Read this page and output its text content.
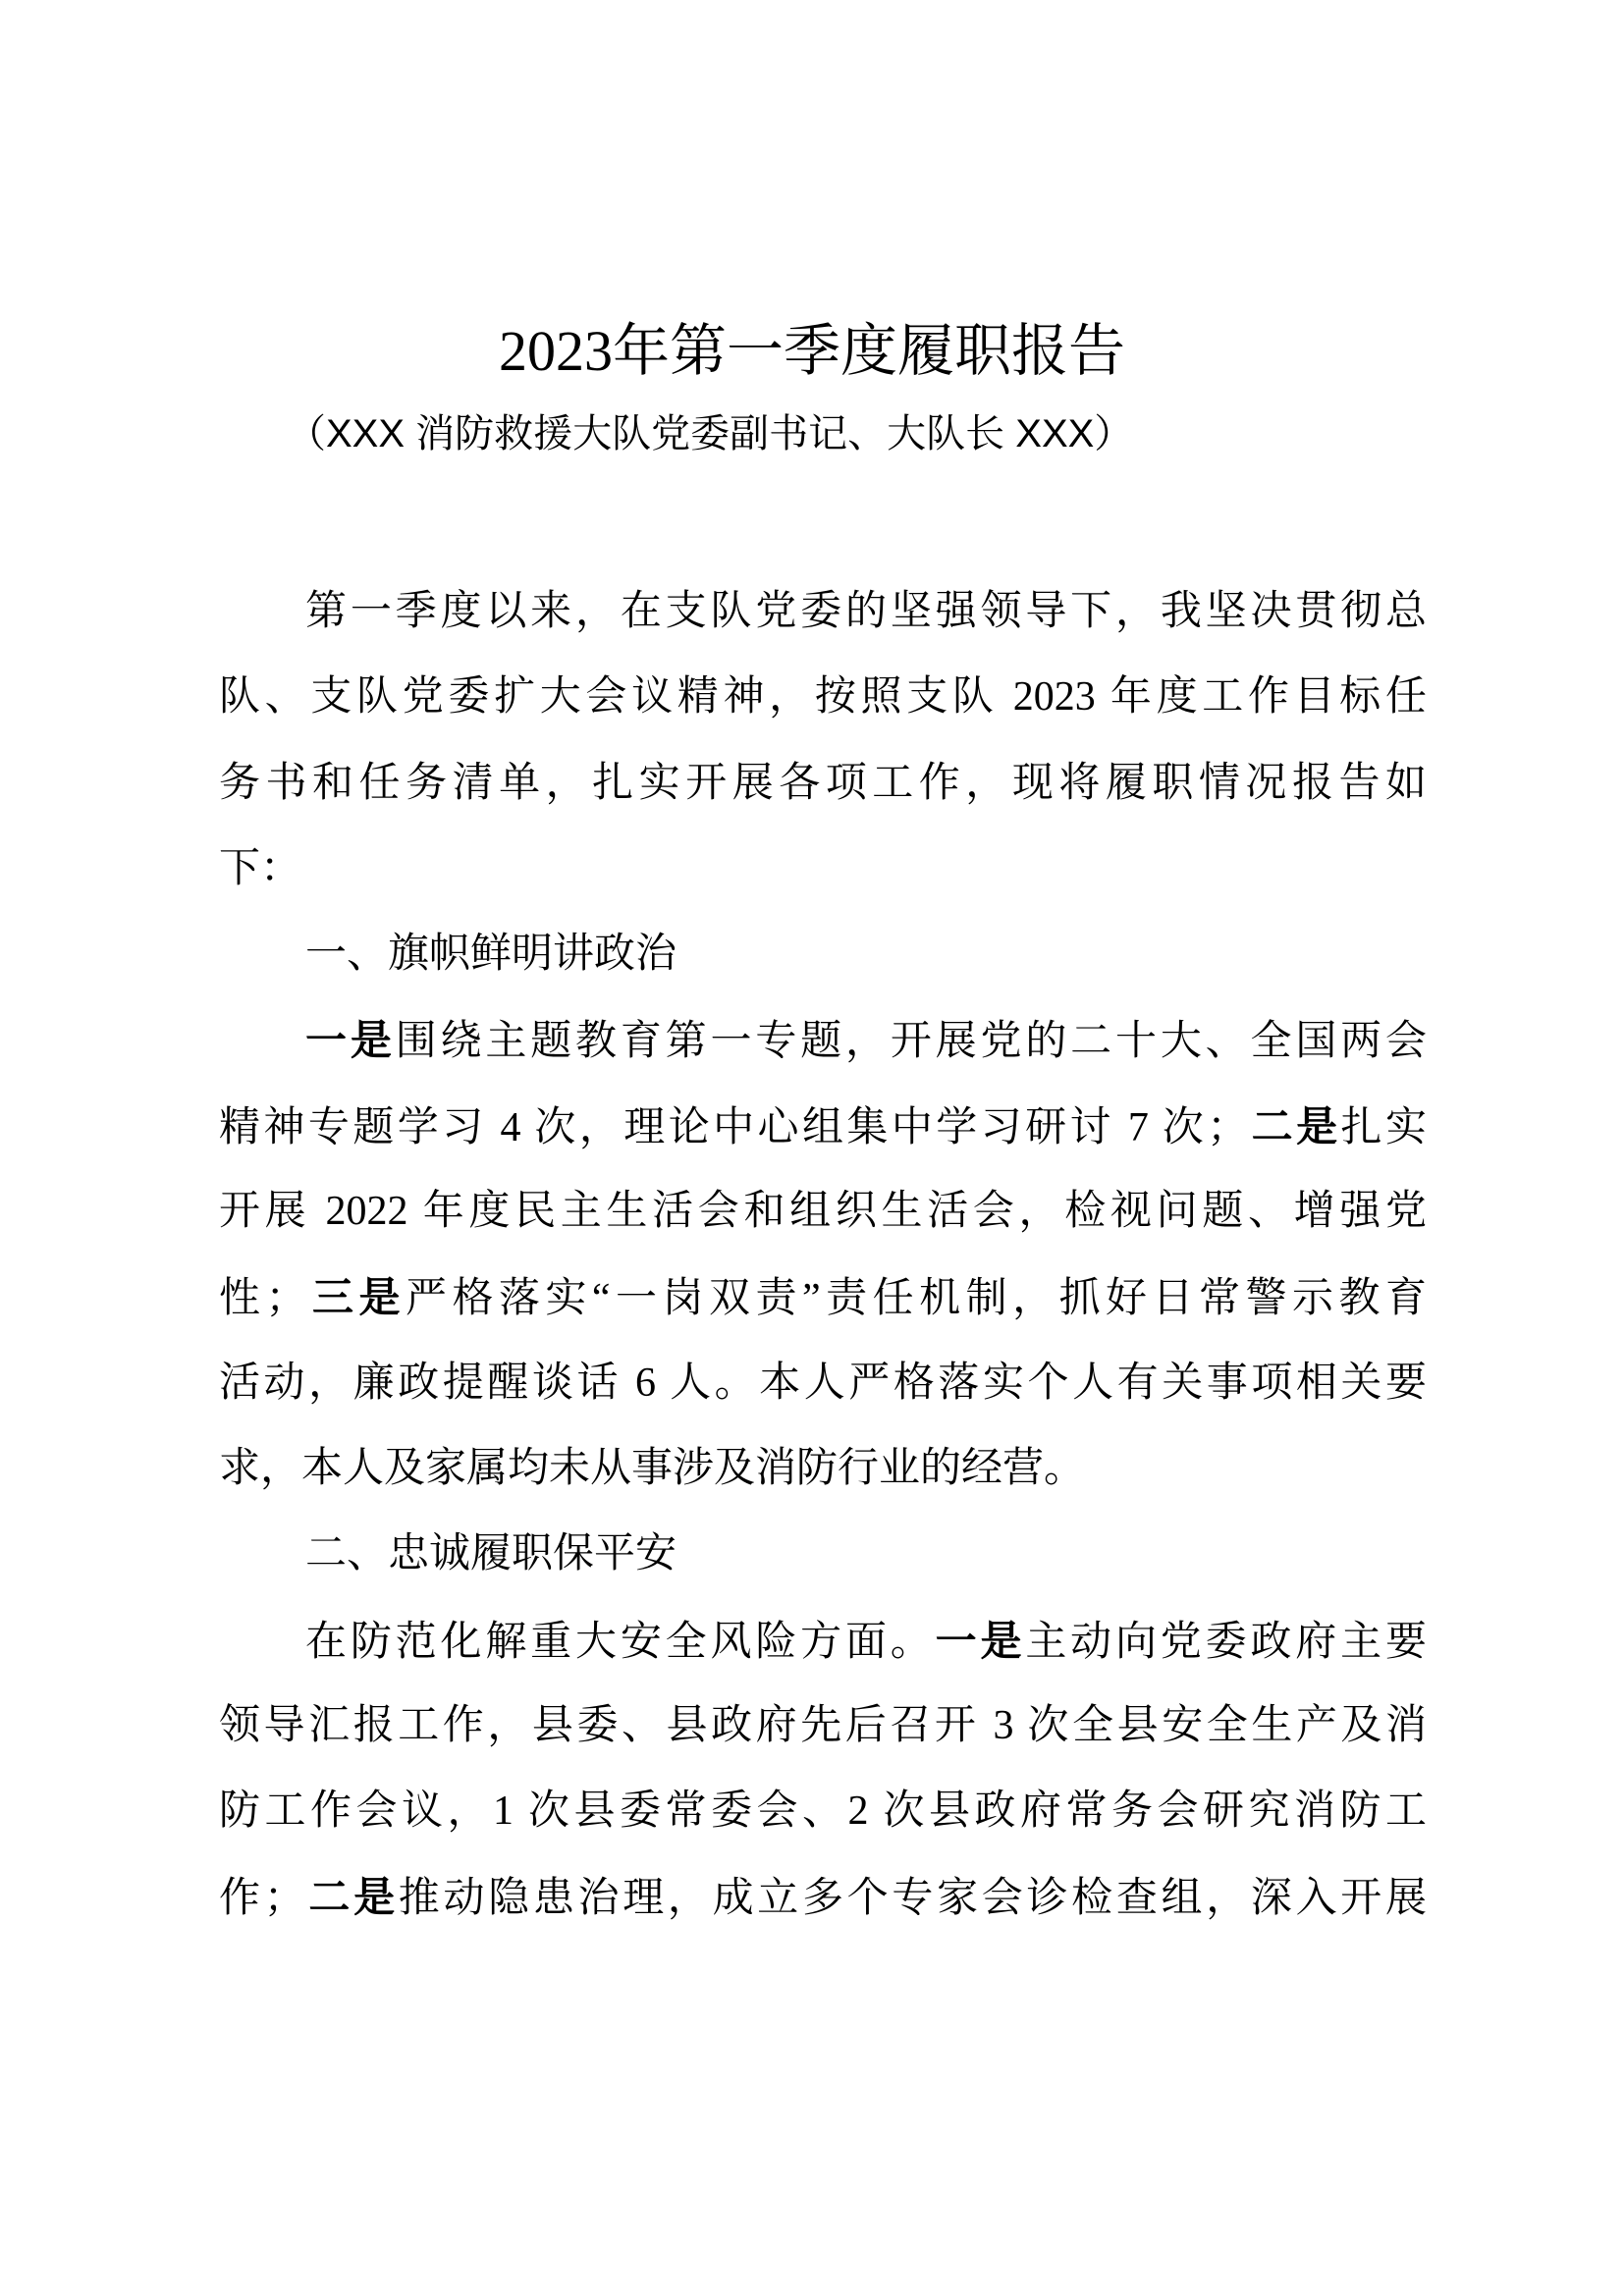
2023年第一季度履职报告
（XXX 消防救援大队党委副书记、大队长 XXX）
第一季度以来，在支队党委的坚强领导下，我坚决贯彻总
队、支队党委扩大会议精神，按照支队 2023 年度工作目标任
务书和任务清单，扎实开展各项工作，现将履职情况报告如
下：
一、旗帜鲜明讲政治
一是围绕主题教育第一专题，开展党的二十大、全国两会
精神专题学习 4 次，理论中心组集中学习研讨 7 次；二是扎实
开展 2022 年度民主生活会和组织生活会，检视问题、增强党
性；三是严格落实“一岗双责”责任机制，抓好日常警示教育
活动，廉政提醒谈话 6 人。本人严格落实个人有关事项相关要
求，本人及家属均未从事涉及消防行业的经营。
二、忠诚履职保平安
在防范化解重大安全风险方面。一是主动向党委政府主要
领导汇报工作，县委、县政府先后召开 3 次全县安全生产及消
防工作会议，1 次县委常委会、2 次县政府常务会研究消防工
作；二是推动隐患治理，成立多个专家会诊检查组，深入开展
